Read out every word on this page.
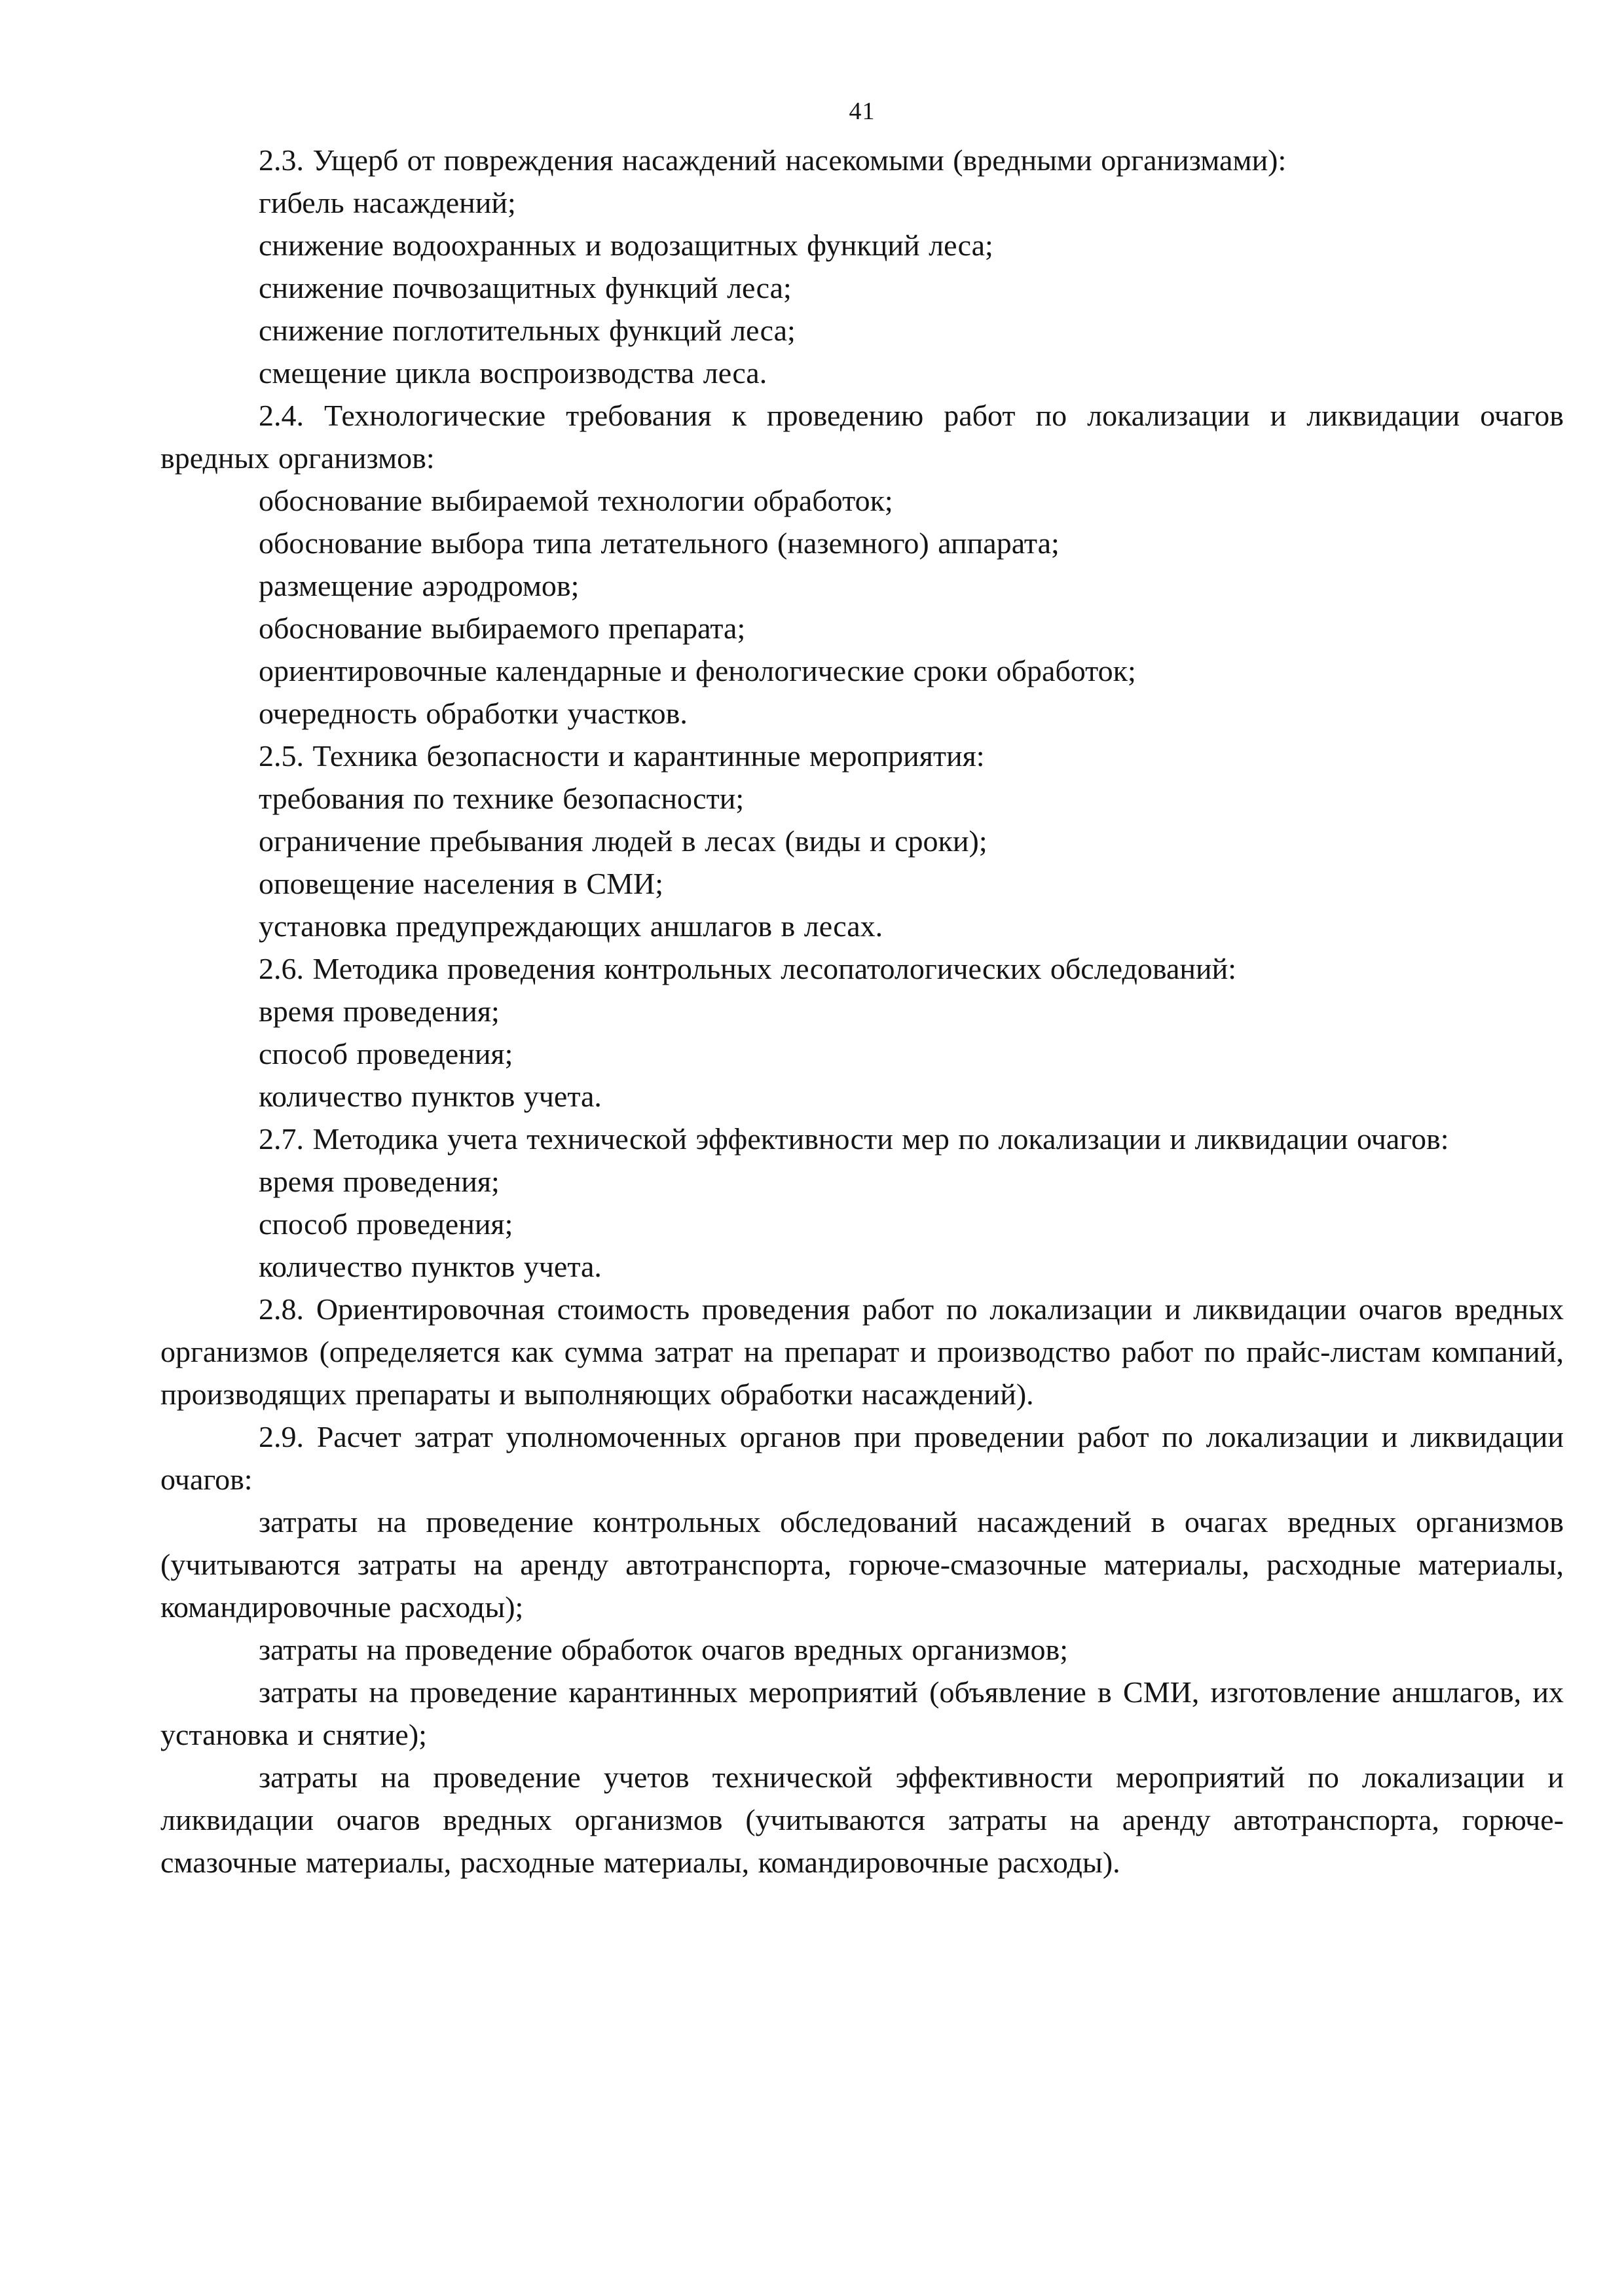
41

2.3. Ущерб от повреждения насаждений насекомыми (вредными организмами):

гибель насаждений;

снижение водоохранных и водозащитных функций леса;

снижение почвозащитных функций леса;

снижение поглотительных функций леса;

смещение цикла воспроизводства леса.

2.4. Технологические требования к проведению работ по локализации и ликвидации очагов вредных организмов:

обоснование выбираемой технологии обработок;

обоснование выбора типа летательного (наземного) аппарата;

размещение аэродромов;

обоснование выбираемого препарата;

ориентировочные календарные и фенологические сроки обработок;

очередность обработки участков.

2.5. Техника безопасности и карантинные мероприятия:

требования по технике безопасности;

ограничение пребывания людей в лесах (виды и сроки);

оповещение населения в СМИ;

установка предупреждающих аншлагов в лесах.

2.6. Методика проведения контрольных лесопатологических обследований:

время проведения;

способ проведения;

количество пунктов учета.

2.7. Методика учета технической эффективности мер по локализации и ликвидации очагов:

время проведения;

способ проведения;

количество пунктов учета.

2.8. Ориентировочная стоимость проведения работ по локализации и ликвидации очагов вредных организмов (определяется как сумма затрат на препарат и производство работ по прайс-листам компаний, производящих препараты и выполняющих обработки насаждений).

2.9. Расчет затрат уполномоченных органов при проведении работ по локализации и ликвидации очагов:

затраты на проведение контрольных обследований насаждений в очагах вредных организмов (учитываются затраты на аренду автотранспорта, горюче-смазочные материалы, расходные материалы, командировочные расходы);

затраты на проведение обработок очагов вредных организмов;

затраты на проведение карантинных мероприятий (объявление в СМИ, изготовление аншлагов, их установка и снятие);

затраты на проведение учетов технической эффективности мероприятий по локализации и ликвидации очагов вредных организмов (учитываются затраты на аренду автотранспорта, горюче-смазочные материалы, расходные материалы, командировочные расходы).
